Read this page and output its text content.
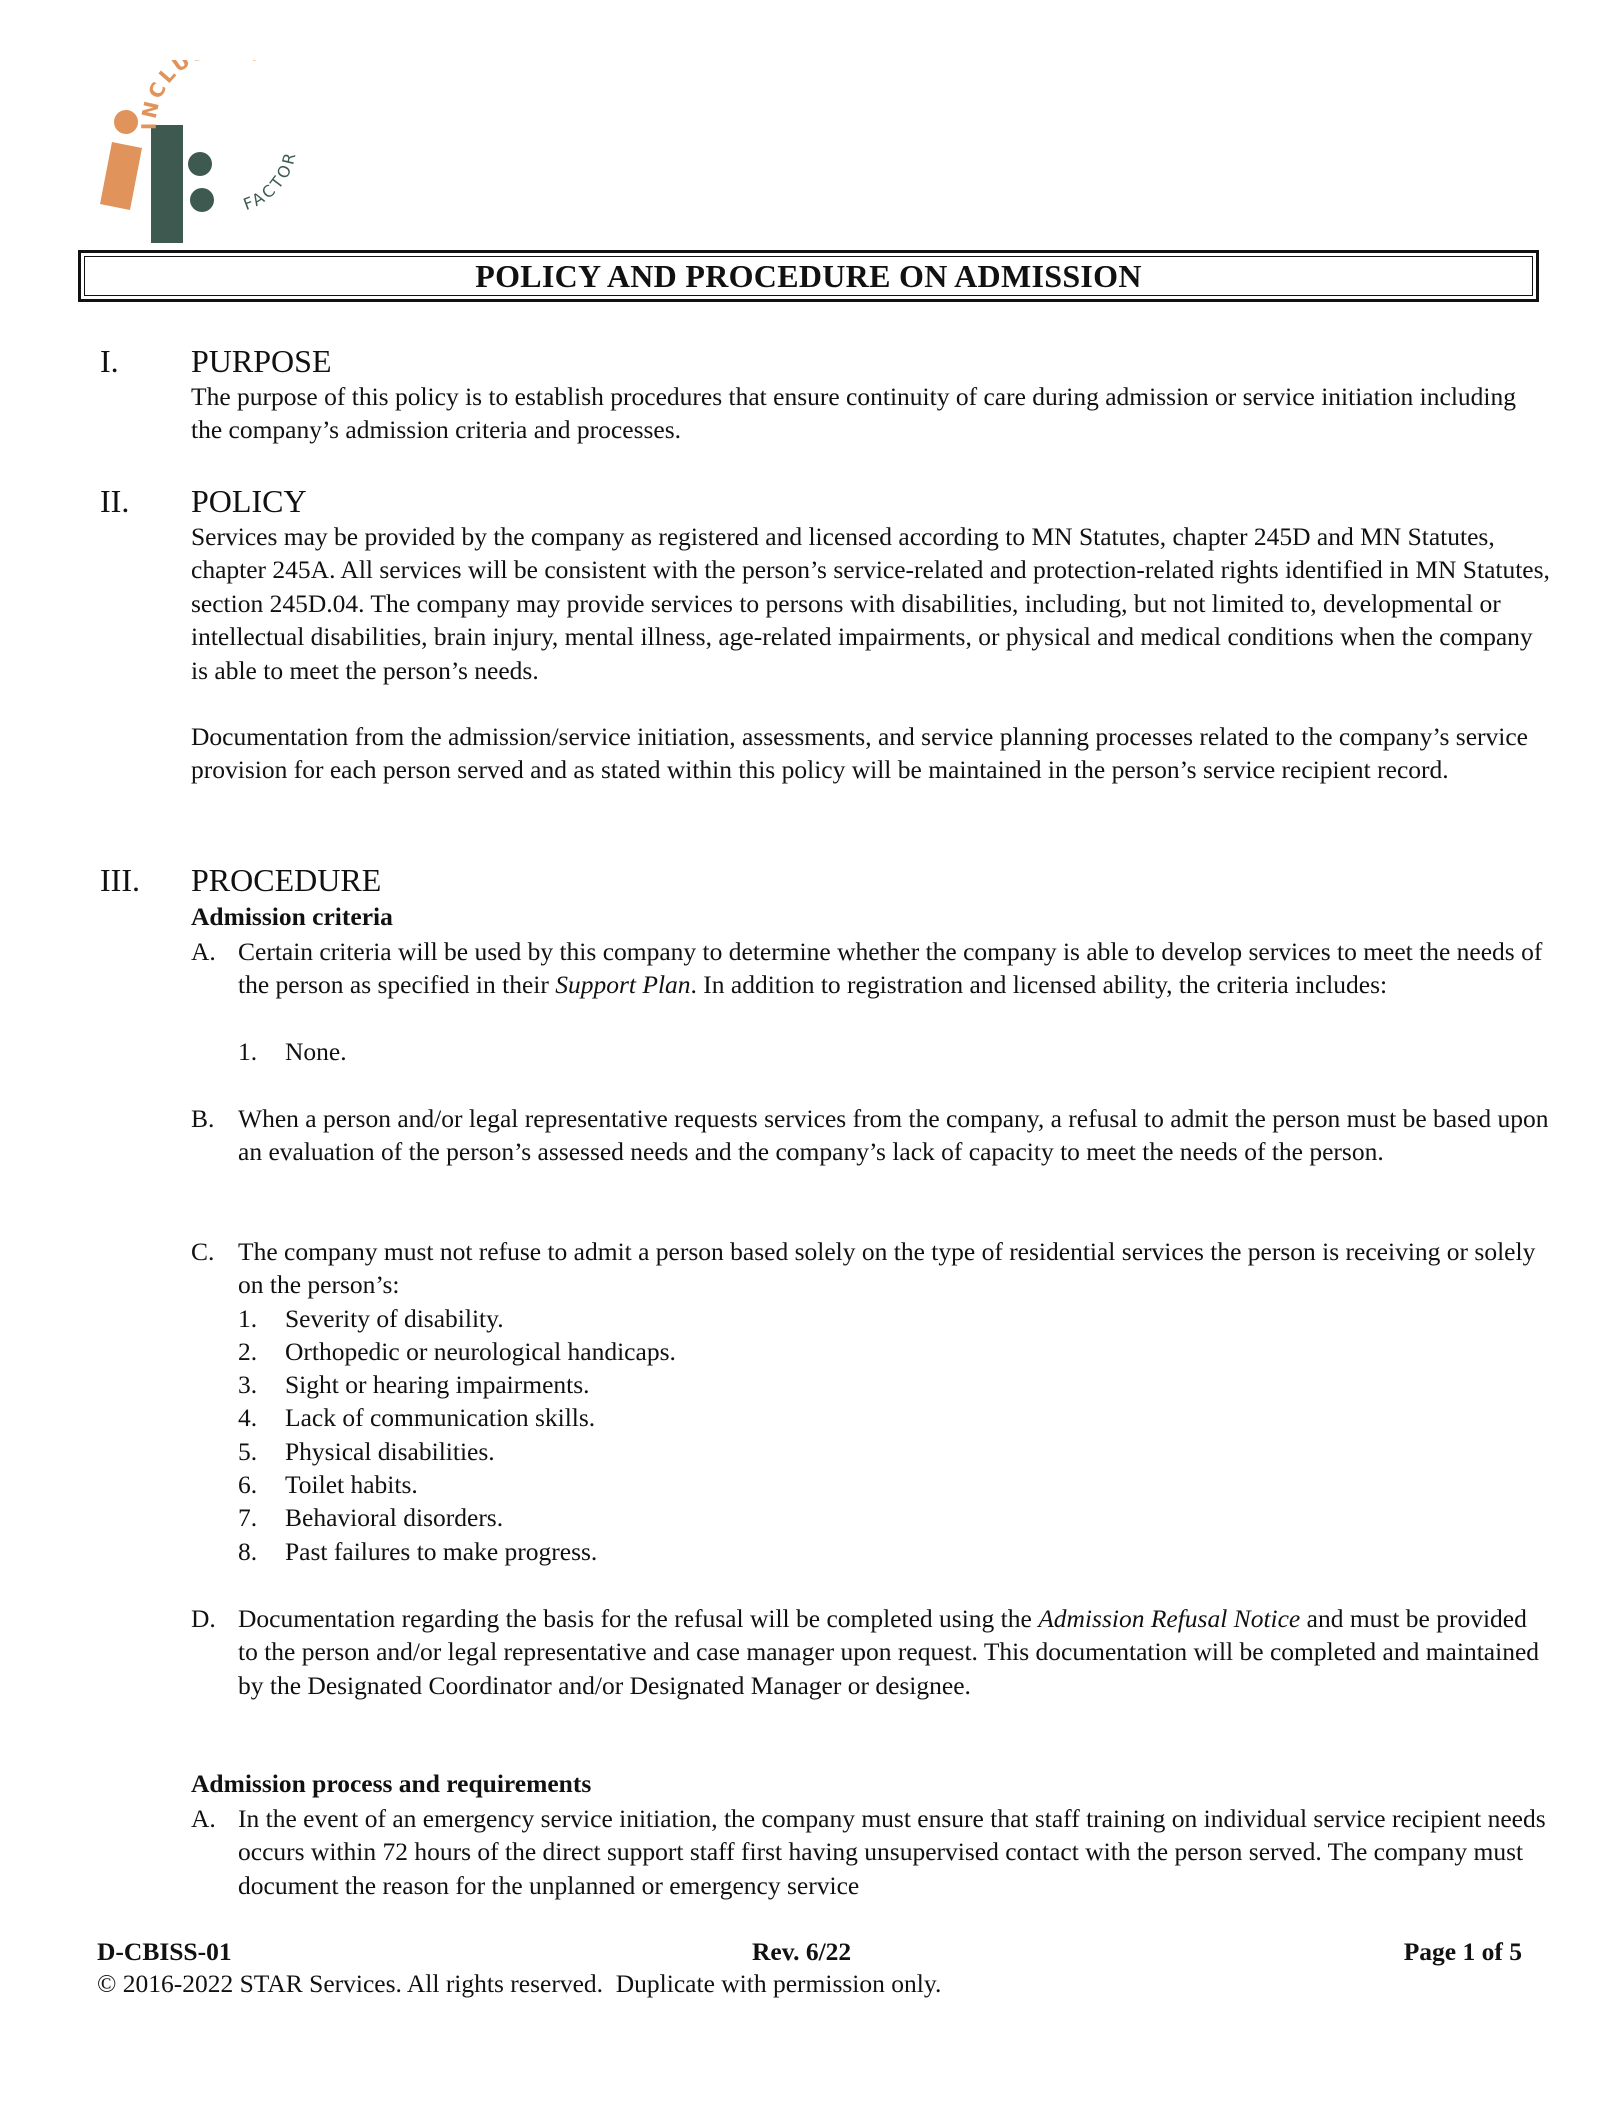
INCLU
FACTOR
POLICY AND PROCEDURE ON ADMISSION
I. PURPOSE
The purpose of this policy is to establish procedures that ensure continuity of care during admission or service initiation including the company’s admission criteria and processes.
II. POLICY
Services may be provided by the company as registered and licensed according to MN Statutes, chapter 245D and MN Statutes, chapter 245A. All services will be consistent with the person’s service-related and protection-related rights identified in MN Statutes, section 245D.04. The company may provide services to persons with disabilities, including, but not limited to, developmental or intellectual disabilities, brain injury, mental illness, age-related impairments, or physical and medical conditions when the company is able to meet the person’s needs.
Documentation from the admission/service initiation, assessments, and service planning processes related to the company’s service provision for each person served and as stated within this policy will be maintained in the person’s service recipient record.
III. PROCEDURE
Admission criteria
A. Certain criteria will be used by this company to determine whether the company is able to develop services to meet the needs of the person as specified in their Support Plan. In addition to registration and licensed ability, the criteria includes:
1.	None.
B. When a person and/or legal representative requests services from the company, a refusal to admit the person must be based upon an evaluation of the person’s assessed needs and the company’s lack of capacity to meet the needs of the person.
C. The company must not refuse to admit a person based solely on the type of residential services the person is receiving or solely on the person’s:
1.	Severity of disability.
2.	Orthopedic or neurological handicaps.
3.	Sight or hearing impairments.
4.	Lack of communication skills.
5.	Physical disabilities.
6.	Toilet habits.
7.	Behavioral disorders.
8.	Past failures to make progress.
D. Documentation regarding the basis for the refusal will be completed using the Admission Refusal Notice and must be provided to the person and/or legal representative and case manager upon request. This documentation will be completed and maintained by the Designated Coordinator and/or Designated Manager or designee.
Admission process and requirements
A. In the event of an emergency service initiation, the company must ensure that staff training on individual service recipient needs occurs within 72 hours of the direct support staff first having unsupervised contact with the person served. The company must document the reason for the unplanned or emergency service
D-CBISS-01	Rev. 6/22	Page 1 of 5
© 2016-2022 STAR Services. All rights reserved.  Duplicate with permission only.
